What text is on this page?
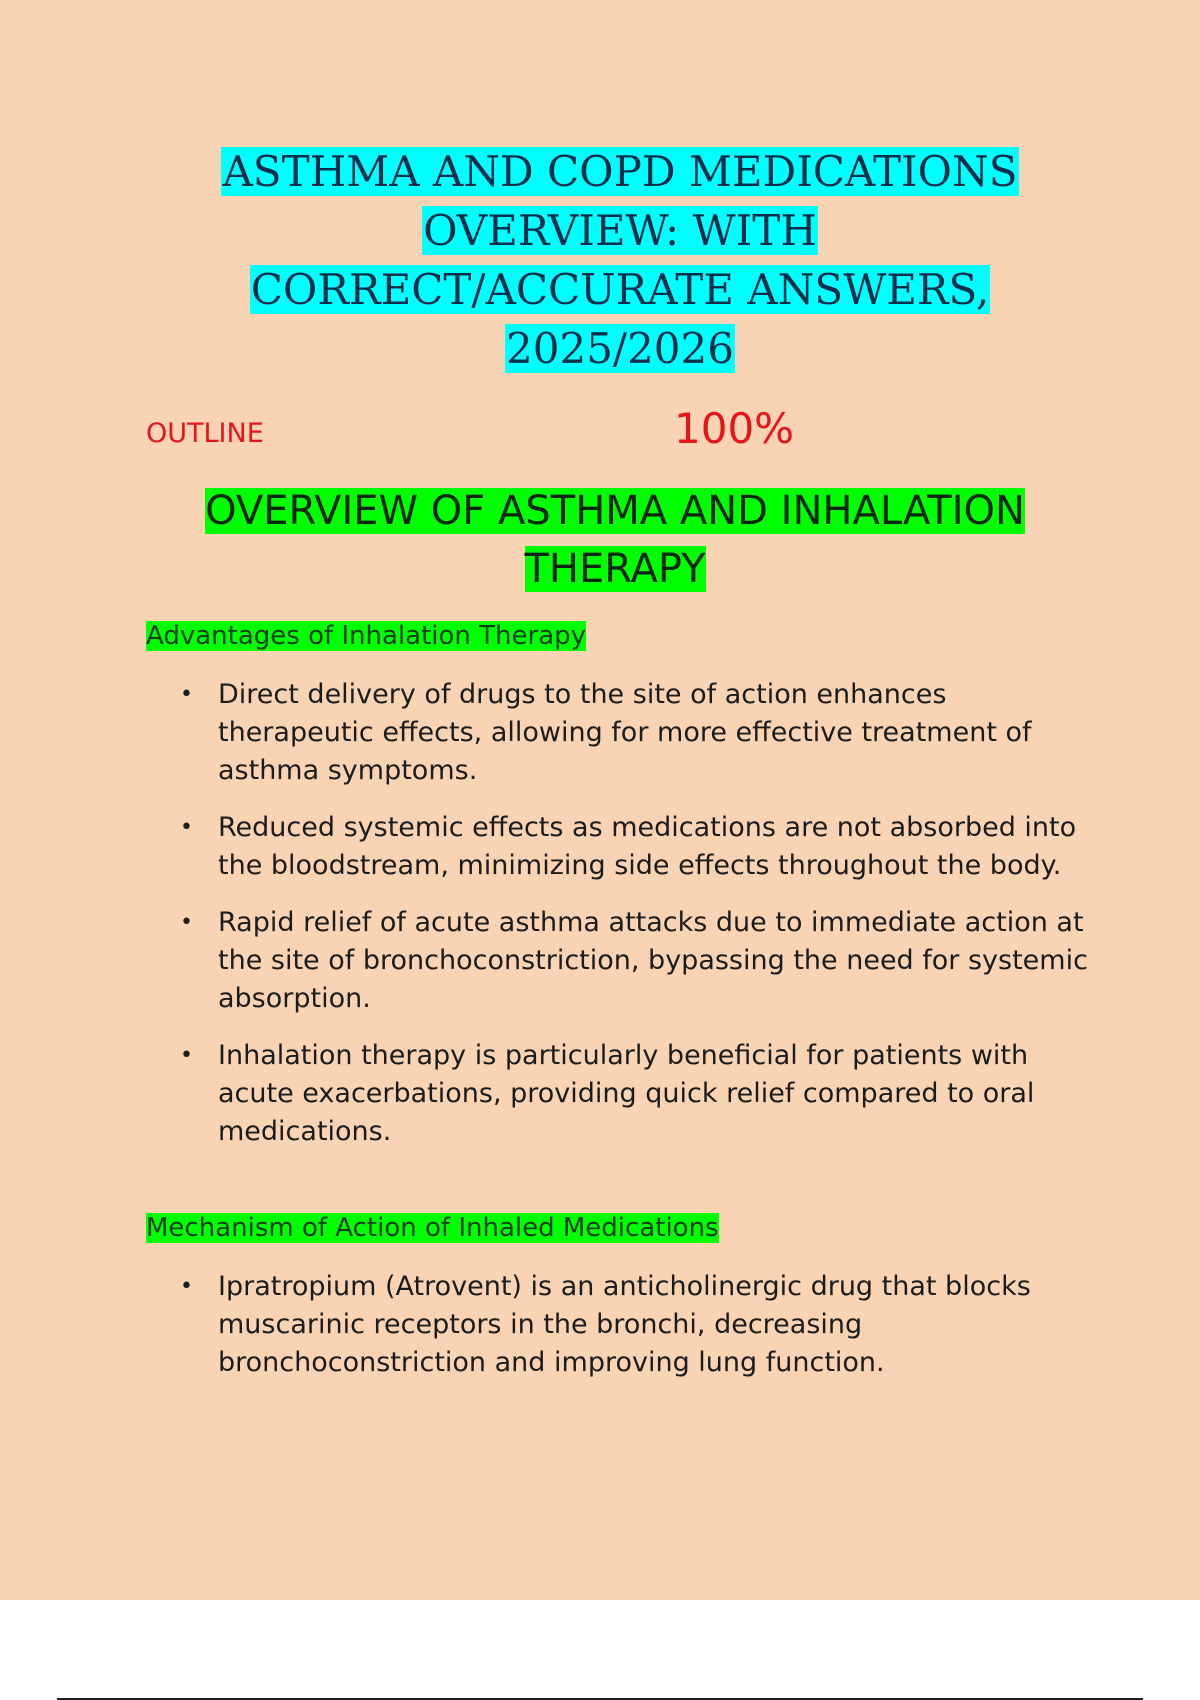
ASTHMA AND COPD MEDICATIONS
OVERVIEW: WITH
CORRECT/ACCURATE ANSWERS,
2025/2026
OUTLINE	100%
OVERVIEW OF ASTHMA AND INHALATION
THERAPY
Advantages of Inhalation Therapy
• Direct delivery of drugs to the site of action enhances therapeutic effects, allowing for more effective treatment of asthma symptoms.
• Reduced systemic effects as medications are not absorbed into the bloodstream, minimizing side effects throughout the body.
• Rapid relief of acute asthma attacks due to immediate action at the site of bronchoconstriction, bypassing the need for systemic absorption.
• Inhalation therapy is particularly beneficial for patients with acute exacerbations, providing quick relief compared to oral medications.
Mechanism of Action of Inhaled Medications
• Ipratropium (Atrovent) is an anticholinergic drug that blocks muscarinic receptors in the bronchi, decreasing bronchoconstriction and improving lung function.
